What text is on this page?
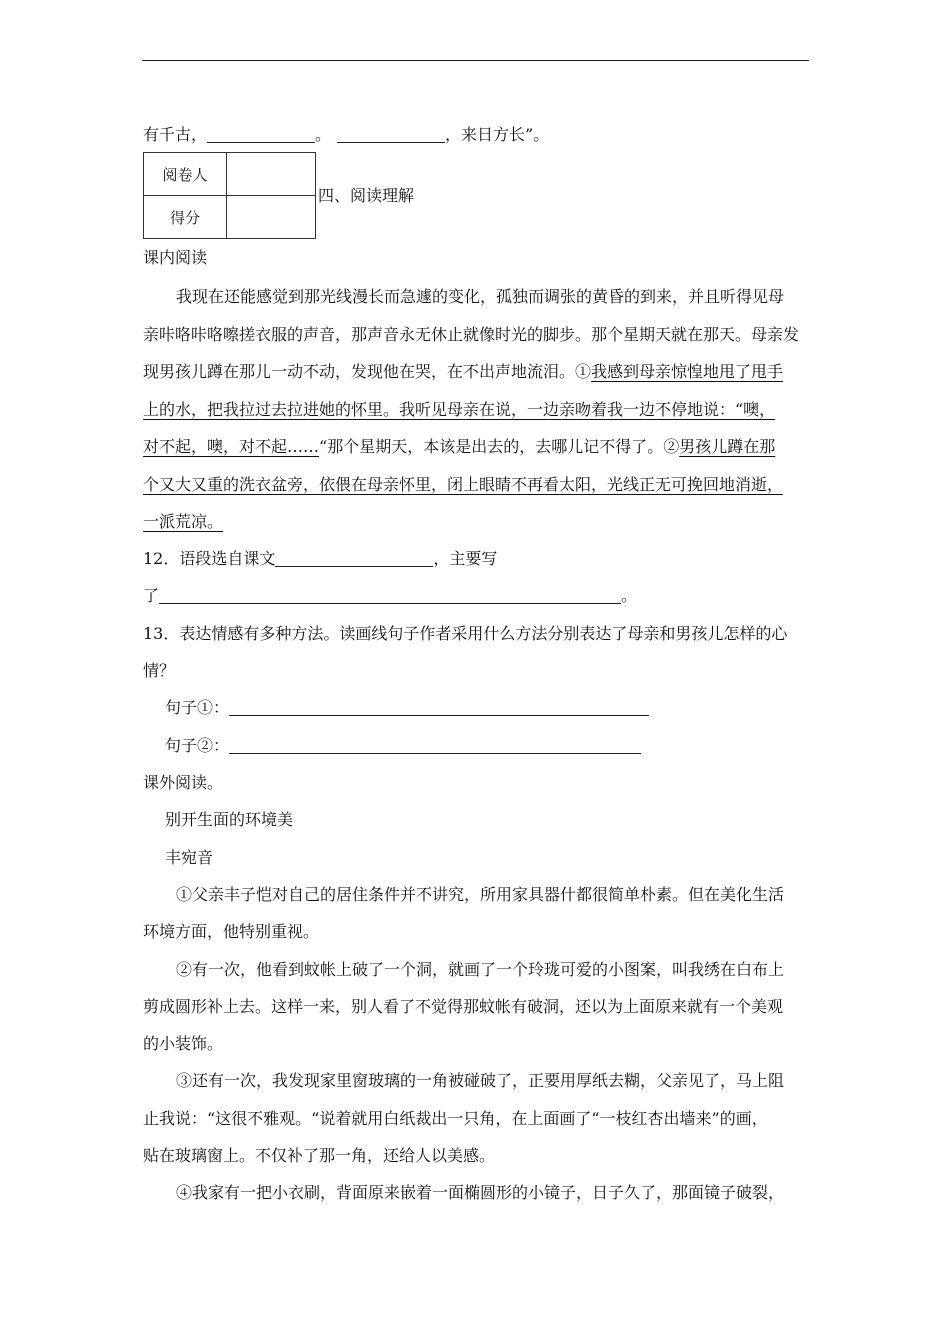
有千古，	。	，来日方长”。
阅卷人	
得分	
四、阅读理解
课内阅读
我现在还能感觉到那光线漫长而急遽的变化，孤独而调张的黄昏的到来，并且听得见母
亲咔咯咔咯嚓搓衣服的声音，那声音永无休止就像时光的脚步。那个星期天就在那天。母亲发
现男孩儿蹲在那儿一动不动，发现他在哭，在不出声地流泪。①我感到母亲惊惶地甩了甩手
上的水，把我拉过去拉进她的怀里。我听见母亲在说，一边亲吻着我一边不停地说：“噢，
对不起，噢，对不起……“那个星期天，本该是出去的，去哪儿记不得了。②男孩儿蹲在那
个又大又重的洗衣盆旁，依偎在母亲怀里，闭上眼睛不再看太阳，光线正无可挽回地消逝，
一派荒凉。
12．语段选自课文	，主要写
了	。
13．表达情感有多种方法。读画线句子作者采用什么方法分别表达了母亲和男孩儿怎样的心
情？
句子①：
句子②：
课外阅读。
别开生面的环境美
丰宛音
①父亲丰子恺对自己的居住条件并不讲究，所用家具器什都很简单朴素。但在美化生活
环境方面，他特别重视。
②有一次，他看到蚊帐上破了一个洞，就画了一个玲珑可爱的小图案，叫我绣在白布上
剪成圆形补上去。这样一来，别人看了不觉得那蚊帐有破洞，还以为上面原来就有一个美观
的小装饰。
③还有一次，我发现家里窗玻璃的一角被碰破了，正要用厚纸去糊，父亲见了，马上阻
止我说：“这很不雅观。“说着就用白纸裁出一只角，在上面画了“一枝红杏出墙来”的画，
贴在玻璃窗上。不仅补了那一角，还给人以美感。
④我家有一把小衣刷，背面原来嵌着一面椭圆形的小镜子，日子久了，那面镜子破裂，
